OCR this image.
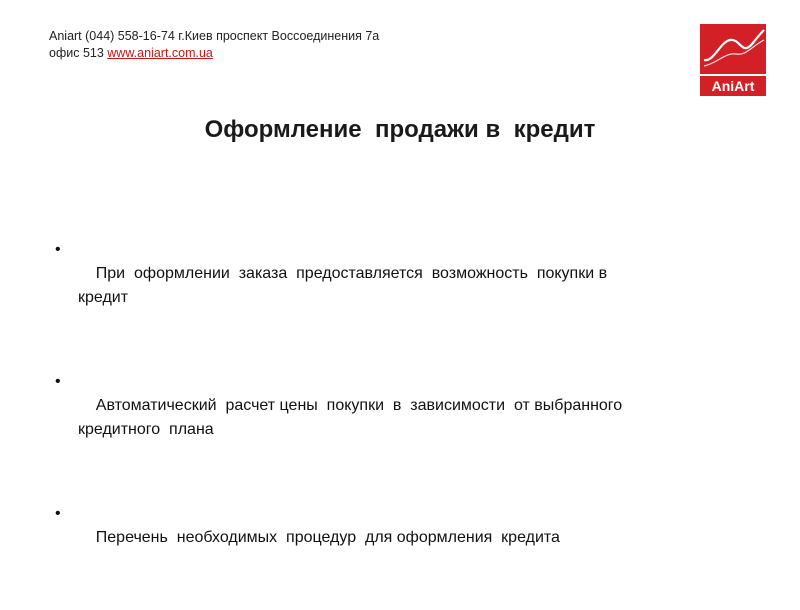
Aniart (044) 558-16-74 г.Киев проспект Воссоединения 7а
офис 513 www.aniart.com.ua
AniArt
Оформление  продажи в  кредит

•
При  оформлении  заказа  предоставляется  возможность  покупки в
кредит

•
Автоматический  расчет цены  покупки  в  зависимости  от выбранного
кредитного  плана

•
Перечень  необходимых  процедур  для оформления  кредита
